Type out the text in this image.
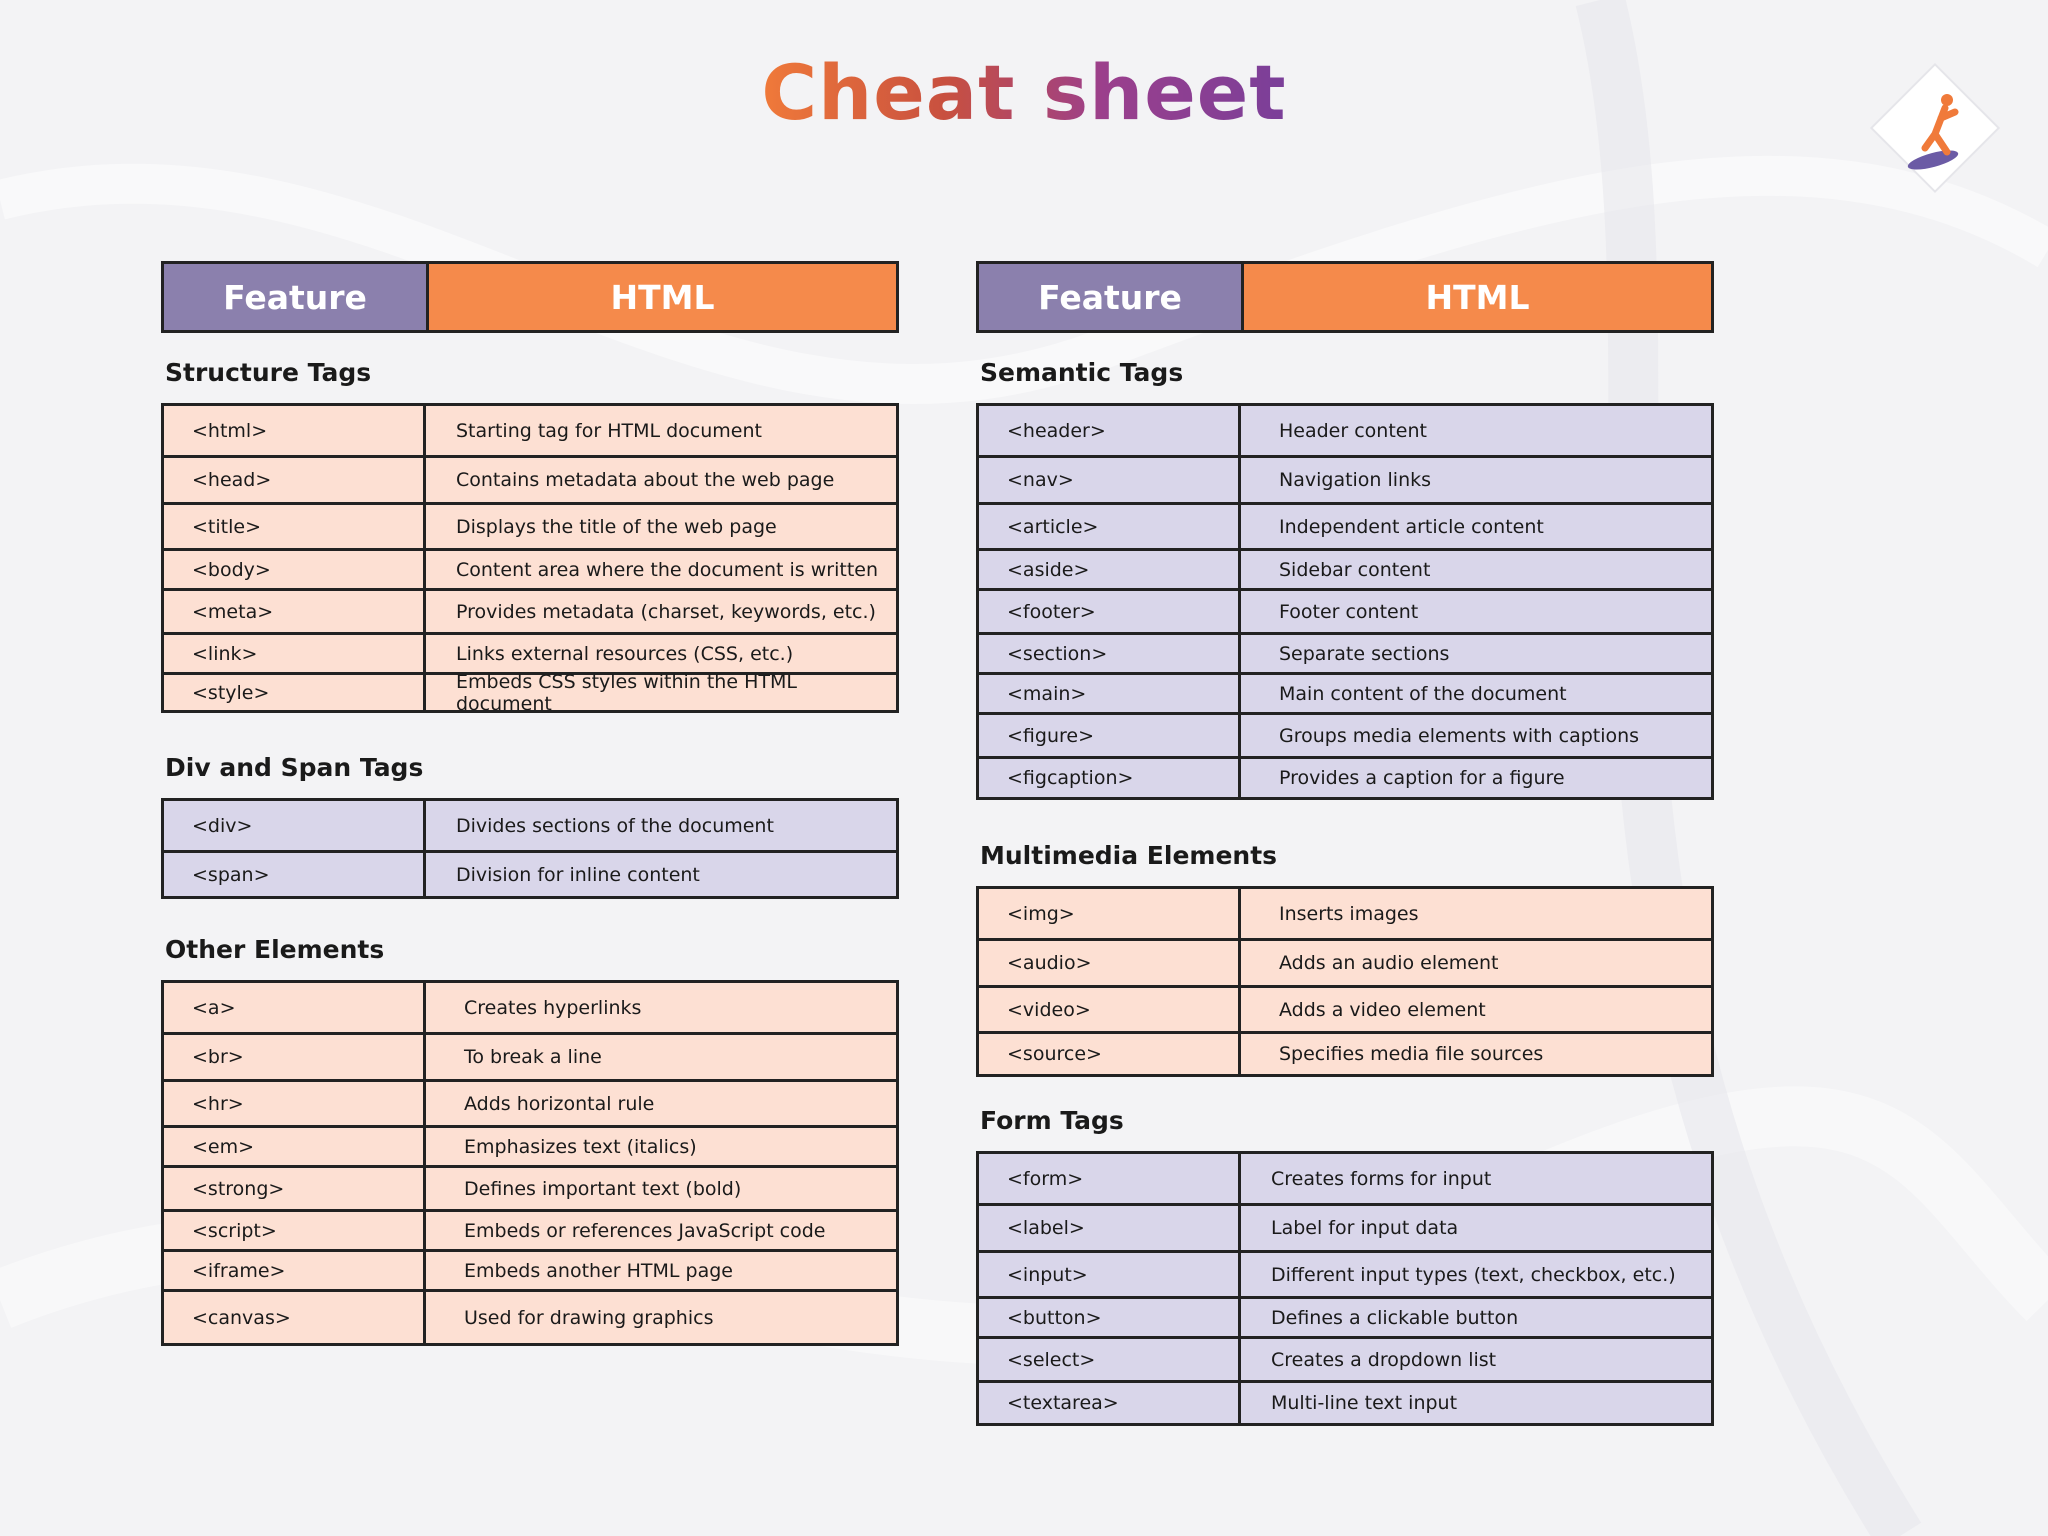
Cheat sheet
Feature	HTML
Structure Tags
<html>	Starting tag for HTML document
<head>	Contains metadata about the web page
<title>	Displays the title of the web page
<body>	Content area where the document is written
<meta>	Provides metadata (charset, keywords, etc.)
<link>	Links external resources (CSS, etc.)
<style>	Embeds CSS styles within the HTML document
Div and Span Tags
<div>	Divides sections of the document
<span>	Division for inline content
Other Elements
<a>	Creates hyperlinks
<br>	To break a line
<hr>	Adds horizontal rule
<em>	Emphasizes text (italics)
<strong>	Defines important text (bold)
<script>	Embeds or references JavaScript code
<iframe>	Embeds another HTML page
<canvas>	Used for drawing graphics
Feature	HTML
Semantic Tags
<header>	Header content
<nav>	Navigation links
<article>	Independent article content
<aside>	Sidebar content
<footer>	Footer content
<section>	Separate sections
<main>	Main content of the document
<figure>	Groups media elements with captions
<figcaption>	Provides a caption for a figure
Multimedia Elements
<img>	Inserts images
<audio>	Adds an audio element
<video>	Adds a video element
<source>	Specifies media file sources
Form Tags
<form>	Creates forms for input
<label>	Label for input data
<input>	Different input types (text, checkbox, etc.)
<button>	Defines a clickable button
<select>	Creates a dropdown list
<textarea>	Multi-line text input
